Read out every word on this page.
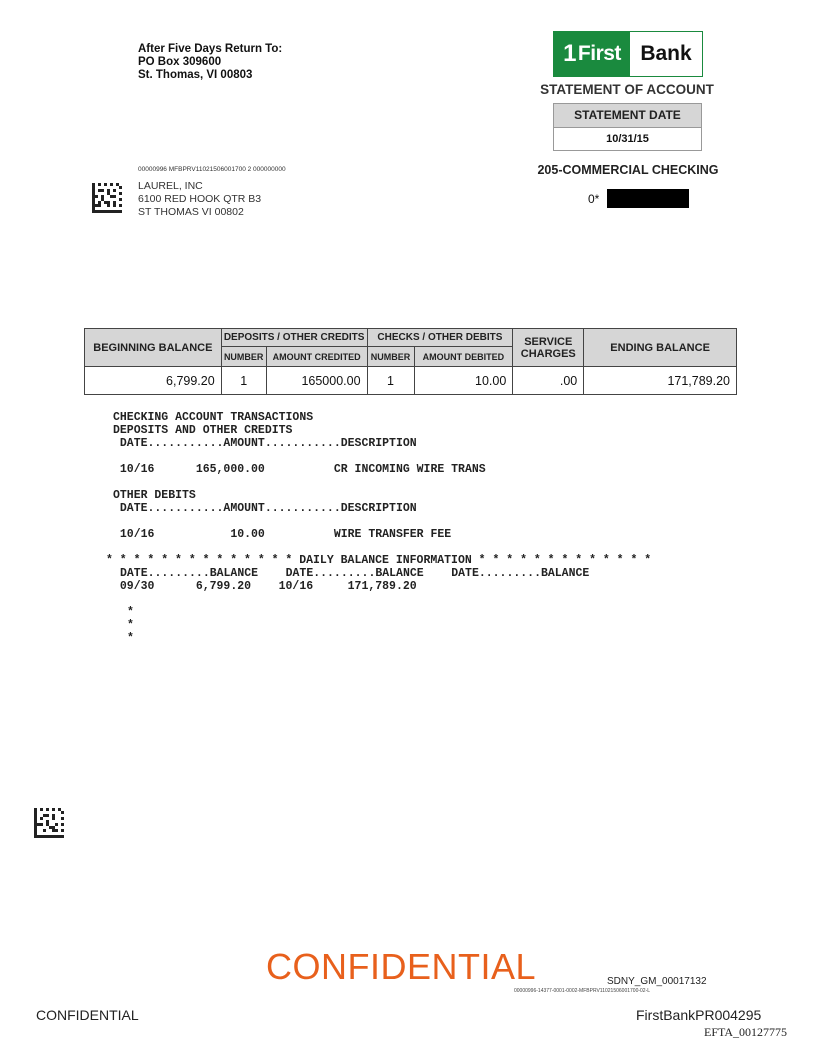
After Five Days Return To:
PO Box 309600
St. Thomas, VI 00803
1 First Bank
STATEMENT OF ACCOUNT
STATEMENT DATE
10/31/15
205-COMMERCIAL CHECKING
0*
00000996 MFBPRV11021506001700 2 000000000
LAUREL, INC
6100 RED HOOK QTR B3
ST THOMAS VI 00802
BEGINNING BALANCE	DEPOSITS / OTHER CREDITS		CHECKS / OTHER DEBITS		SERVICE
CHARGES	ENDING BALANCE
	NUMBER	AMOUNT CREDITED	NUMBER	AMOUNT DEBITED		
6,799.20	1	165000.00	1	10.00	.00	171,789.20
CHECKING ACCOUNT TRANSACTIONS
DEPOSITS AND OTHER CREDITS
DATE...........AMOUNT...........DESCRIPTION
10/16      165,000.00          CR INCOMING WIRE TRANS
OTHER DEBITS
DATE...........AMOUNT...........DESCRIPTION
10/16           10.00          WIRE TRANSFER FEE
* * * * * * * * * * * * * * DAILY BALANCE INFORMATION * * * * * * * * * * * * *
DATE.........BALANCE    DATE.........BALANCE    DATE.........BALANCE
09/30      6,799.20    10/16     171,789.20
*
*
*
CONFIDENTIAL	SDNY_GM_00017132
00000996-14377-0001-0002-MFBPRV11021506001700-02-L
CONFIDENTIAL	FirstBankPR004295
EFTA_00127775
